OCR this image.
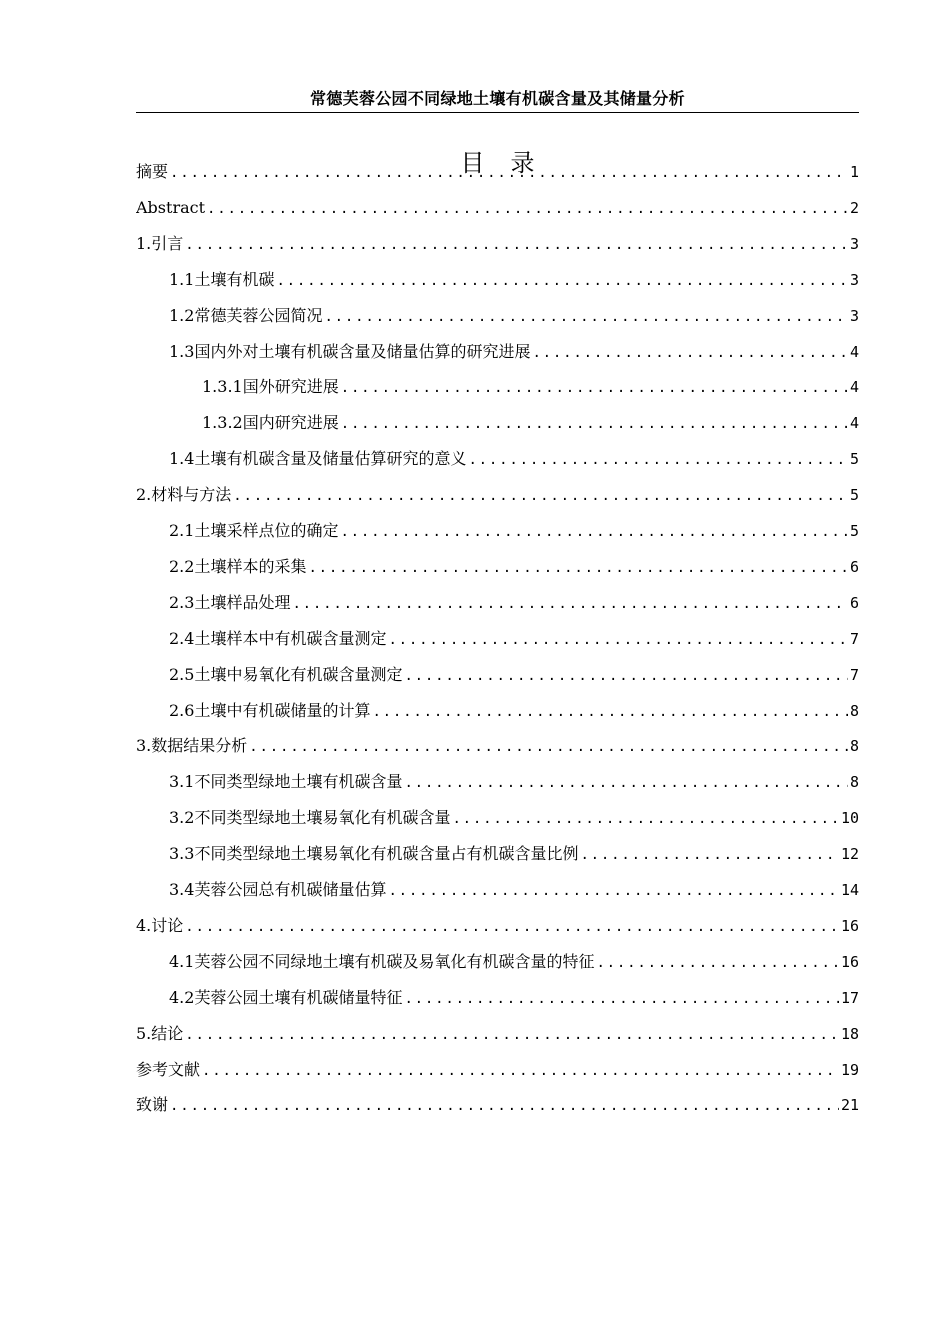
常德芙蓉公园不同绿地土壤有机碳含量及其储量分析
目录
摘要 .....	1
Abstract .....	2
1.引言 .....	3
1.1土壤有机碳 .....	3
1.2常德芙蓉公园简况 .....	3
1.3国内外对土壤有机碳含量及储量估算的研究进展 .....	4
1.3.1国外研究进展 .....	4
1.3.2国内研究进展 .....	4
1.4土壤有机碳含量及储量估算研究的意义 .....	5
2.材料与方法 .....	5
2.1土壤采样点位的确定 .....	5
2.2土壤样本的采集 .....	6
2.3土壤样品处理 .....	6
2.4土壤样本中有机碳含量测定 .....	7
2.5土壤中易氧化有机碳含量测定 .....	7
2.6土壤中有机碳储量的计算 .....	8
3.数据结果分析 .....	8
3.1不同类型绿地土壤有机碳含量 .....	8
3.2不同类型绿地土壤易氧化有机碳含量 .....	10
3.3不同类型绿地土壤易氧化有机碳含量占有机碳含量比例 .....	12
3.4芙蓉公园总有机碳储量估算 .....	14
4.讨论 .....	16
4.1芙蓉公园不同绿地土壤有机碳及易氧化有机碳含量的特征 .....	16
4.2芙蓉公园土壤有机碳储量特征 .....	17
5.结论 .....	18
参考文献 .....	19
致谢 .....	21
